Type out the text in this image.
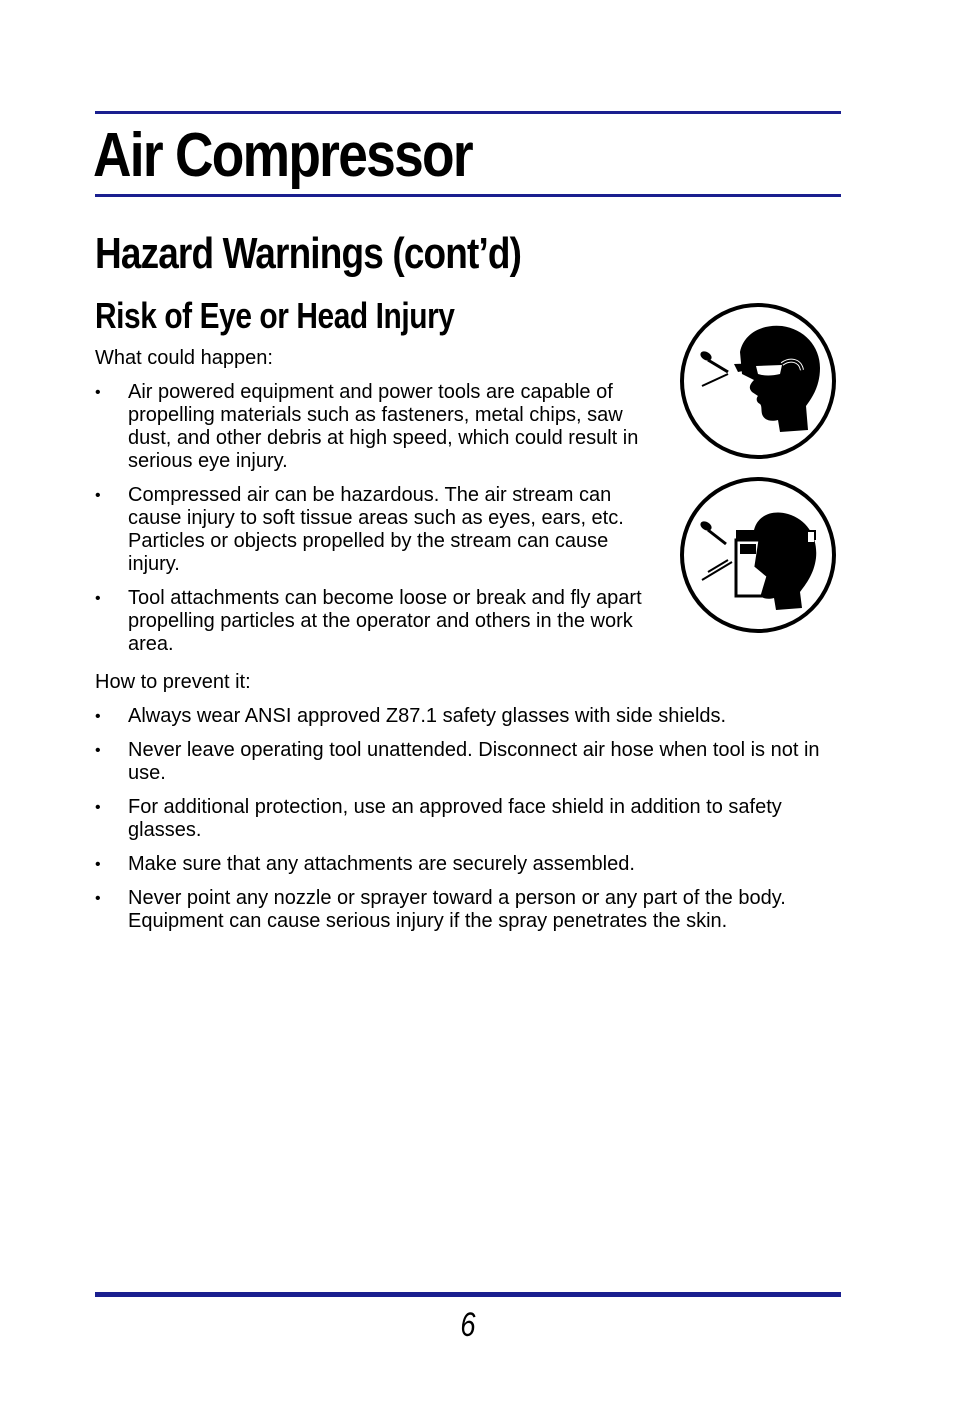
Air Compressor
Hazard Warnings (cont’d)
Risk of Eye or Head Injury

What could happen:

• Air powered equipment and power tools are capable of propelling materials such as fasteners, metal chips, saw dust, and other debris at high speed, which could result in serious eye injury.
• Compressed air can be hazardous. The air stream can cause injury to soft tissue areas such as eyes, ears, etc. Particles or objects propelled by the stream can cause injury.
• Tool attachments can become loose or break and fly apart propelling particles at the operator and others in the work area.

How to prevent it:

• Always wear ANSI approved Z87.1 safety glasses with side shields.
• Never leave operating tool unattended. Disconnect air hose when tool is not in use.
• For additional protection, use an approved face shield in addition to safety glasses.
• Make sure that any attachments are securely assembled.
• Never point any nozzle or sprayer toward a person or any part of the body. Equipment can cause serious injury if the spray penetrates the skin.
6
